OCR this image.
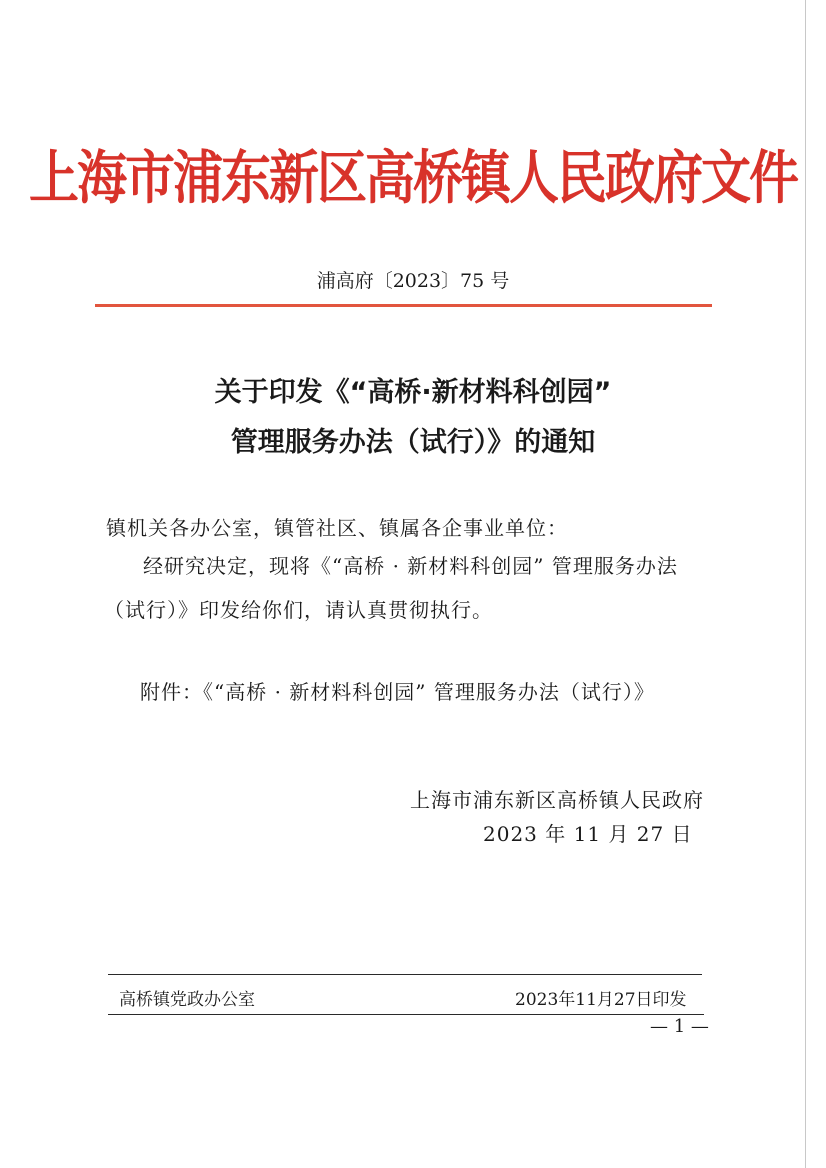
上海市浦东新区高桥镇人民政府文件
浦高府〔2023〕75 号
关于印发《“高桥·新材料科创园”
管理服务办法（试行）》的通知
镇机关各办公室，镇管社区、镇属各企事业单位：
经研究决定，现将《“高桥 · 新材料科创园” 管理服务办法
（试行）》印发给你们，请认真贯彻执行。
附件：《“高桥 · 新材料科创园” 管理服务办法（试行）》
上海市浦东新区高桥镇人民政府
2023 年 11 月 27 日
高桥镇党政办公室	2023年11月27日印发
— 1 —
